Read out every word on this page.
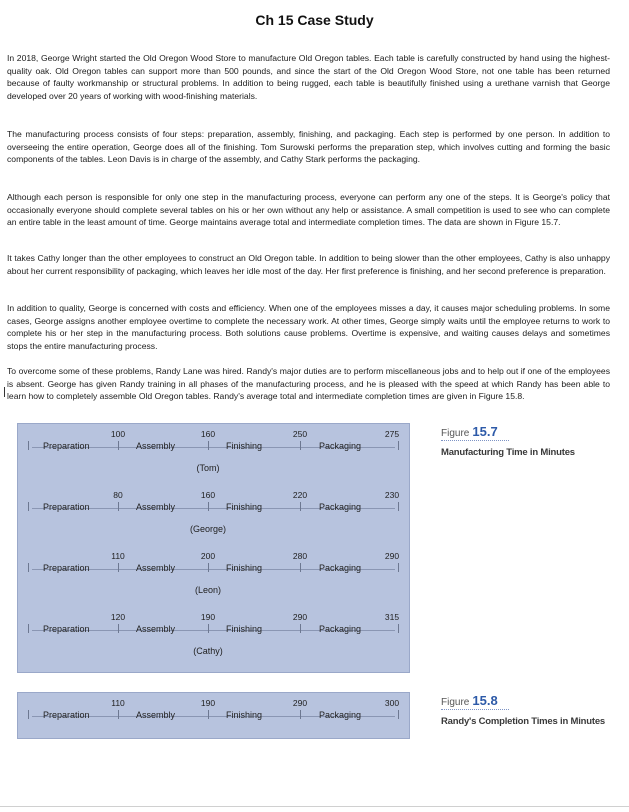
Ch 15 Case Study

In 2018, George Wright started the Old Oregon Wood Store to manufacture Old Oregon tables. Each table is carefully constructed by hand using the highest-quality oak. Old Oregon tables can support more than 500 pounds, and since the start of the Old Oregon Wood Store, not one table has been returned because of faulty workmanship or structural problems. In addition to being rugged, each table is beautifully finished using a urethane varnish that George developed over 20 years of working with wood-finishing materials.

The manufacturing process consists of four steps: preparation, assembly, finishing, and packaging. Each step is performed by one person. In addition to overseeing the entire operation, George does all of the finishing. Tom Surowski performs the preparation step, which involves cutting and forming the basic components of the tables. Leon Davis is in charge of the assembly, and Cathy Stark performs the packaging.

Although each person is responsible for only one step in the manufacturing process, everyone can perform any one of the steps. It is George's policy that occasionally everyone should complete several tables on his or her own without any help or assistance. A small competition is used to see who can complete an entire table in the least amount of time. George maintains average total and intermediate completion times. The data are shown in Figure 15.7.

It takes Cathy longer than the other employees to construct an Old Oregon table. In addition to being slower than the other employees, Cathy is also unhappy about her current responsibility of packaging, which leaves her idle most of the day. Her first preference is finishing, and her second preference is preparation.

In addition to quality, George is concerned with costs and efficiency. When one of the employees misses a day, it causes major scheduling problems. In some cases, George assigns another employee overtime to complete the necessary work. At other times, George simply waits until the employee returns to work to complete his or her step in the manufacturing process. Both solutions cause problems. Overtime is expensive, and waiting causes delays and sometimes stops the entire manufacturing process.

To overcome some of these problems, Randy Lane was hired. Randy's major duties are to perform miscellaneous jobs and to help out if one of the employees is absent. George has given Randy training in all phases of the manufacturing process, and he is pleased with the speed at which Randy has been able to learn how to completely assemble Old Oregon tables. Randy's average total and intermediate completion times are given in Figure 15.8.

100	160	250	275
Preparation	Assembly	Finishing	Packaging
(Tom)
80	160	220	230
Preparation	Assembly	Finishing	Packaging
(George)
110	200	280	290
Preparation	Assembly	Finishing	Packaging
(Leon)
120	190	290	315
Preparation	Assembly	Finishing	Packaging
(Cathy)
Figure 15.7
Manufacturing Time in Minutes
110	190	290	300
Preparation	Assembly	Finishing	Packaging
Figure 15.8
Randy's Completion Times in Minutes
